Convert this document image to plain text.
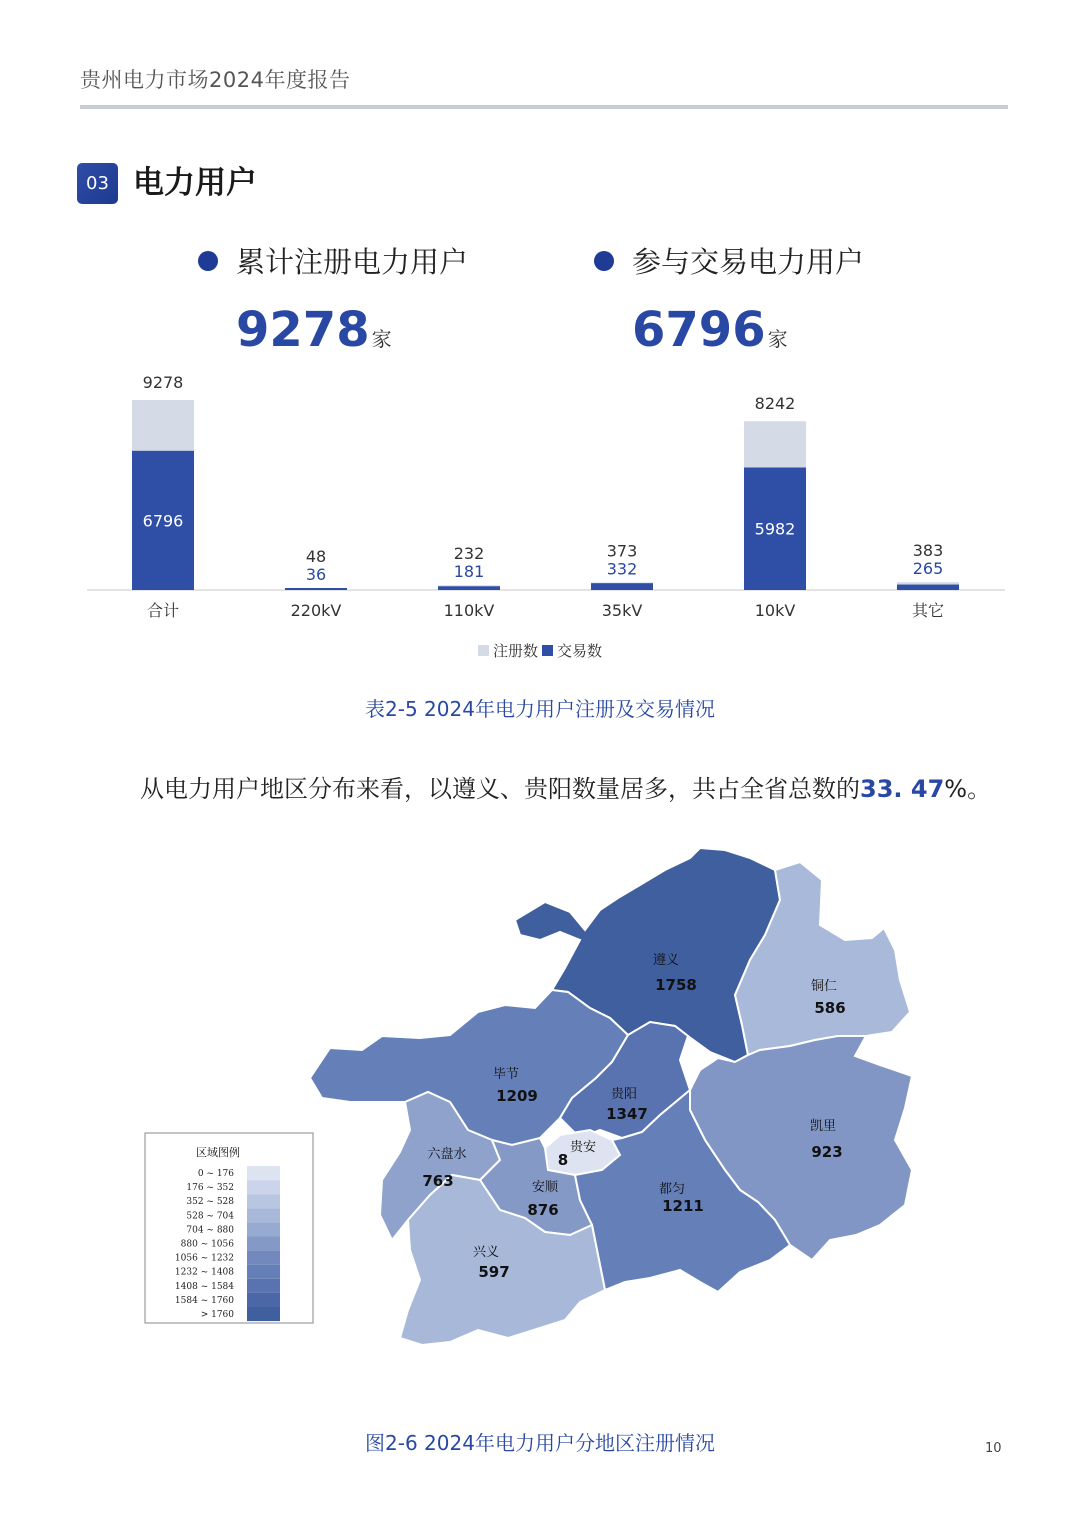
贵州电力市场2024年度报告
03 电力用户
累计注册电力用户
9278 家
参与交易电力用户
6796 家
9278
6796
合计
48
36
220kV
232
181
110kV
373
332
35kV
8242
5982
10kV
383
265
其它
注册数 交易数
表2-5 2024年电力用户注册及交易情况
从电力用户地区分布来看，以遵义、贵阳数量居多，共占全省总数的33. 47%。
遵义
1758	铜仁
586
毕节
1209	贵阳
1347
凯里
923
贵安
8
六盘水
763	安顺
876
都匀
1211
兴义
597
区域图例
0 ~ 176
176 ~ 352
352 ~ 528
528 ~ 704
704 ~ 880
880 ~ 1056
1056 ~ 1232
1232 ~ 1408
1408 ~ 1584
1584 ~ 1760
> 1760
图2-6 2024年电力用户分地区注册情况	10
